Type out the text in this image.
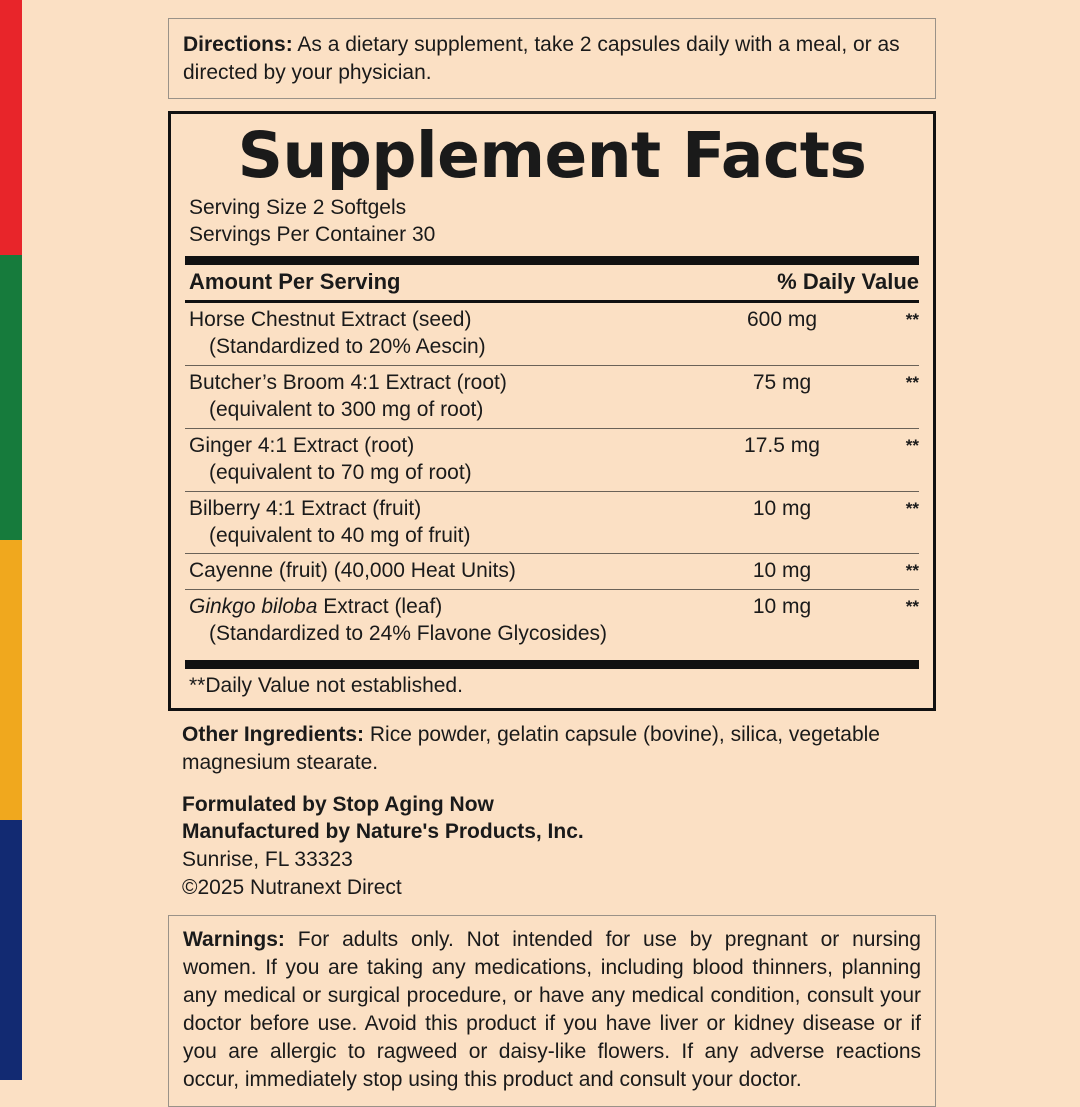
Directions: As a dietary supplement, take 2 capsules daily with a meal, or as directed by your physician.
Supplement Facts
Serving Size 2 Softgels
Servings Per Container 30
Amount Per Serving	% Daily Value
Horse Chestnut Extract (seed)
(Standardized to 20% Aescin)
600 mg	**
Butcher’s Broom 4:1 Extract (root)
(equivalent to 300 mg of root)
75 mg	**
Ginger 4:1 Extract (root)
(equivalent to 70 mg of root)
17.5 mg	**
Bilberry 4:1 Extract (fruit)
(equivalent to 40 mg of fruit)
10 mg	**
Cayenne (fruit) (40,000 Heat Units)	10 mg	**
Ginkgo biloba Extract (leaf)
(Standardized to 24% Flavone Glycosides)
10 mg	**
**Daily Value not established.
Other Ingredients: Rice powder, gelatin capsule (bovine), silica, vegetable magnesium stearate.
Formulated by Stop Aging Now
Manufactured by Nature's Products, Inc.
Sunrise, FL 33323
©2025 Nutranext Direct
Warnings: For adults only. Not intended for use by pregnant or nursing women. If you are taking any medications, including blood thinners, planning any medical or surgical procedure, or have any medical condition, consult your doctor before use. Avoid this product if you have liver or kidney disease or if you are allergic to ragweed or daisy-like flowers. If any adverse reactions occur, immediately stop using this product and consult your doctor.
